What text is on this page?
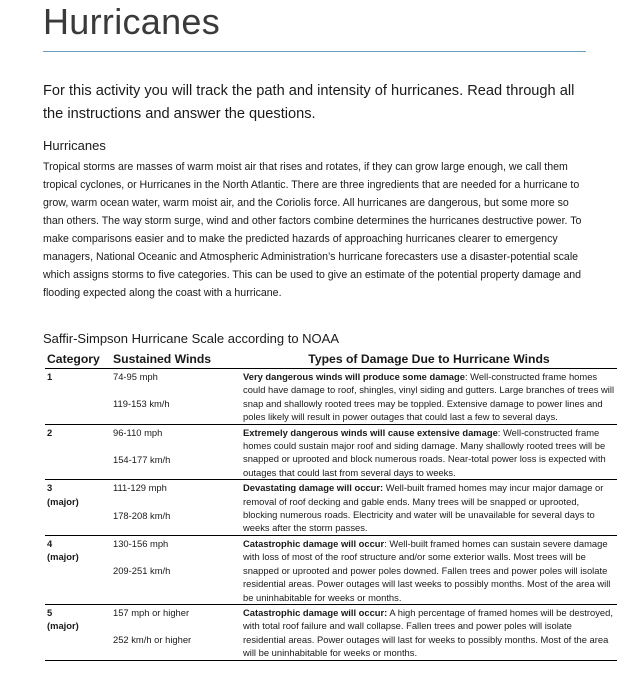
Hurricanes
For this activity you will track the path and intensity of hurricanes. Read through all the instructions and answer the questions.
Hurricanes
Tropical storms are masses of warm moist air that rises and rotates, if they can grow large enough, we call them tropical cyclones, or Hurricanes in the North Atlantic. There are three ingredients that are needed for a hurricane to grow, warm ocean water, warm moist air, and the Coriolis force. All hurricanes are dangerous, but some more so than others. The way storm surge, wind and other factors combine determines the hurricanes destructive power. To make comparisons easier and to make the predicted hazards of approaching hurricanes clearer to emergency managers, National Oceanic and Atmospheric Administration’s hurricane forecasters use a disaster-potential scale which assigns storms to five categories. This can be used to give an estimate of the potential property damage and flooding expected along the coast with a hurricane.
Saffir-Simpson Hurricane Scale according to NOAA
Category	Sustained Winds	Types of Damage Due to Hurricane Winds

1	74-95 mph
119-153 km/h	Very dangerous winds will produce some damage: Well-constructed frame homes could have damage to roof, shingles, vinyl siding and gutters. Large branches of trees will snap and shallowly rooted trees may be toppled. Extensive damage to power lines and poles likely will result in power outages that could last a few to several days.

2	96-110 mph
154-177 km/h	Extremely dangerous winds will cause extensive damage: Well-constructed frame homes could sustain major roof and siding damage. Many shallowly rooted trees will be snapped or uprooted and block numerous roads. Near-total power loss is expected with outages that could last from several days to weeks.

3
(major)	111-129 mph
178-208 km/h	Devastating damage will occur: Well-built framed homes may incur major damage or removal of roof decking and gable ends. Many trees will be snapped or uprooted, blocking numerous roads. Electricity and water will be unavailable for several days to weeks after the storm passes.

4
(major)	130-156 mph
209-251 km/h	Catastrophic damage will occur: Well-built framed homes can sustain severe damage with loss of most of the roof structure and/or some exterior walls. Most trees will be snapped or uprooted and power poles downed. Fallen trees and power poles will isolate residential areas. Power outages will last weeks to possibly months. Most of the area will be uninhabitable for weeks or months.

5
(major)	157 mph or higher
252 km/h or higher	Catastrophic damage will occur: A high percentage of framed homes will be destroyed, with total roof failure and wall collapse. Fallen trees and power poles will isolate residential areas. Power outages will last for weeks to possibly months. Most of the area will be uninhabitable for weeks or months.
